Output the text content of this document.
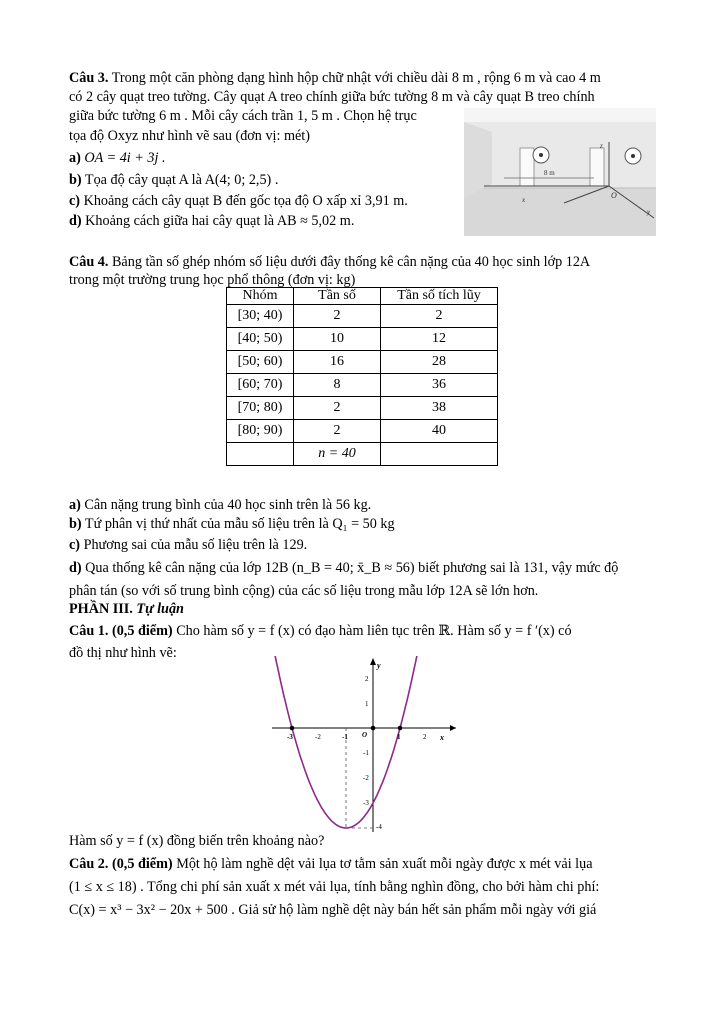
Câu 3. Trong một căn phòng dạng hình hộp chữ nhật với chiều dài 8 m , rộng 6 m và cao 4 m
có 2 cây quạt treo tường. Cây quạt A treo chính giữa bức tường 8 m và cây quạt B treo chính
giữa bức tường 6 m . Mỗi cây cách trần 1, 5 m . Chọn hệ trục
tọa độ Oxyz như hình vẽ sau (đơn vị: mét)
a) OA = 4i + 3j .
b) Tọa độ cây quạt A là A(4; 0; 2,5) .
c) Khoảng cách cây quạt B đến gốc tọa độ O xấp xỉ 3,91 m.
d) Khoảng cách giữa hai cây quạt là AB ≈ 5,02 m.
8 m
x
y
z
O
Câu 4. Bảng tần số ghép nhóm số liệu dưới đây thống kê cân nặng của 40 học sinh lớp 12A
trong một trường trung học phổ thông (đơn vị: kg)
Nhóm	Tần số	Tần số tích lũy
[30; 40)	2	2
[40; 50)	10	12
[50; 60)	16	28
[60; 70)	8	36
[70; 80)	2	38
[80; 90)	2	40
	n = 40	
a) Cân nặng trung bình của 40 học sinh trên là 56 kg.
b) Tứ phân vị thứ nhất của mẫu số liệu trên là Q₁ = 50 kg
c) Phương sai của mẫu số liệu trên là 129.
d) Qua thống kê cân nặng của lớp 12B (n_B = 40; x̄_B ≈ 56) biết phương sai là 131, vậy mức độ
phân tán (so với số trung bình cộng) của các số liệu trong mẫu lớp 12A sẽ lớn hơn.
PHẦN III. Tự luận
Câu 1. (0,5 điểm) Cho hàm số y = f (x) có đạo hàm liên tục trên ℝ. Hàm số y = f ′(x) có
đồ thị như hình vẽ:
-3	-2	-1	1	2
2
1
-1
-2
-3
-4
x
y
O
Hàm số y = f (x) đồng biến trên khoảng nào?
Câu 2. (0,5 điểm) Một hộ làm nghề dệt vải lụa tơ tằm sản xuất mỗi ngày được x mét vải lụa
(1 ≤ x ≤ 18) . Tổng chi phí sản xuất x mét vải lụa, tính bằng nghìn đồng, cho bởi hàm chi phí:
C(x) = x³ − 3x² − 20x + 500 . Giả sử hộ làm nghề dệt này bán hết sản phẩm mỗi ngày với giá
